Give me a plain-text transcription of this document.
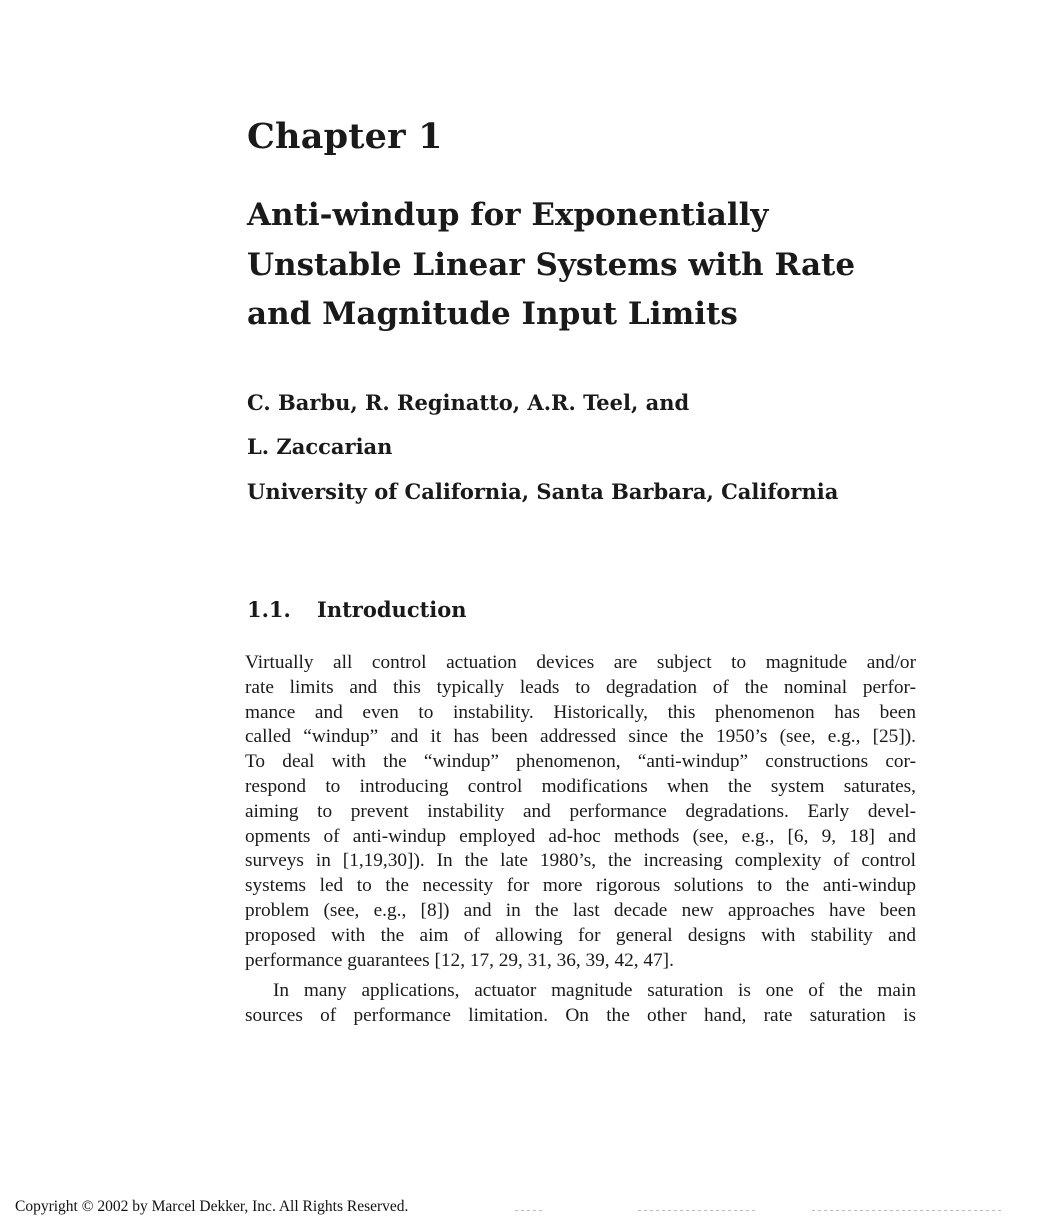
Chapter 1
Anti-windup for Exponentially
Unstable Linear Systems with Rate
and Magnitude Input Limits
C. Barbu, R. Reginatto, A.R. Teel, and
L. Zaccarian
University of California, Santa Barbara, California
1.1. Introduction
Virtually all control actuation devices are subject to magnitude and/or
rate limits and this typically leads to degradation of the nominal perfor-
mance and even to instability. Historically, this phenomenon has been
called “windup” and it has been addressed since the 1950’s (see, e.g., [25]).
To deal with the “windup” phenomenon, “anti-windup” constructions cor-
respond to introducing control modifications when the system saturates,
aiming to prevent instability and performance degradations. Early devel-
opments of anti-windup employed ad-hoc methods (see, e.g., [6, 9, 18] and
surveys in [1,19,30]). In the late 1980’s, the increasing complexity of control
systems led to the necessity for more rigorous solutions to the anti-windup
problem (see, e.g., [8]) and in the last decade new approaches have been
proposed with the aim of allowing for general designs with stability and
performance guarantees [12, 17, 29, 31, 36, 39, 42, 47].
In many applications, actuator magnitude saturation is one of the main
sources of performance limitation. On the other hand, rate saturation is
Copyright © 2002 by Marcel Dekker, Inc. All Rights Reserved.
